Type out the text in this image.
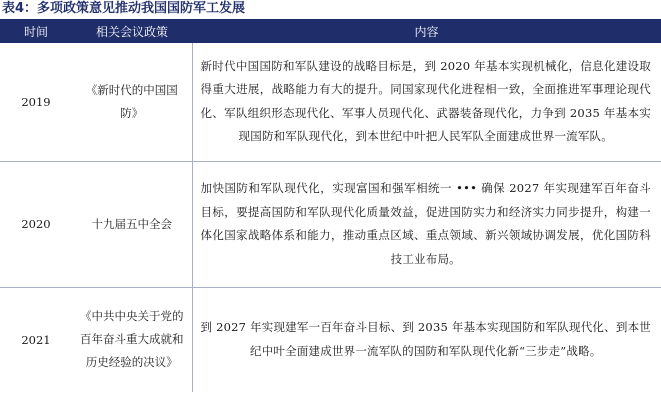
表4：多项政策意见推动我国国防军工发展
时间	相关会议政策	内容
2019	《新时代的中国国防》	新时代中国国防和军队建设的战略目标是，到 2020 年基本实现机械化，信息化建设取得重大进展，战略能力有大的提升。同国家现代化进程相一致，全面推进军事理论现代化、军队组织形态现代化、军事人员现代化、武器装备现代化，力争到 2035 年基本实现国防和军队现代化，到本世纪中叶把人民军队全面建成世界一流军队。
2020	十九届五中全会	加快国防和军队现代化，实现富国和强军相统一 ••• 确保 2027 年实现建军百年奋斗目标，要提高国防和军队现代化质量效益，促进国防实力和经济实力同步提升，构建一体化国家战略体系和能力，推动重点区域、重点领域、新兴领域协调发展，优化国防科技工业布局。
2021	《中共中央关于党的百年奋斗重大成就和历史经验的决议》	到 2027 年实现建军一百年奋斗目标、到 2035 年基本实现国防和军队现代化、到本世纪中叶全面建成世界一流军队的国防和军队现代化新“三步走”战略。
